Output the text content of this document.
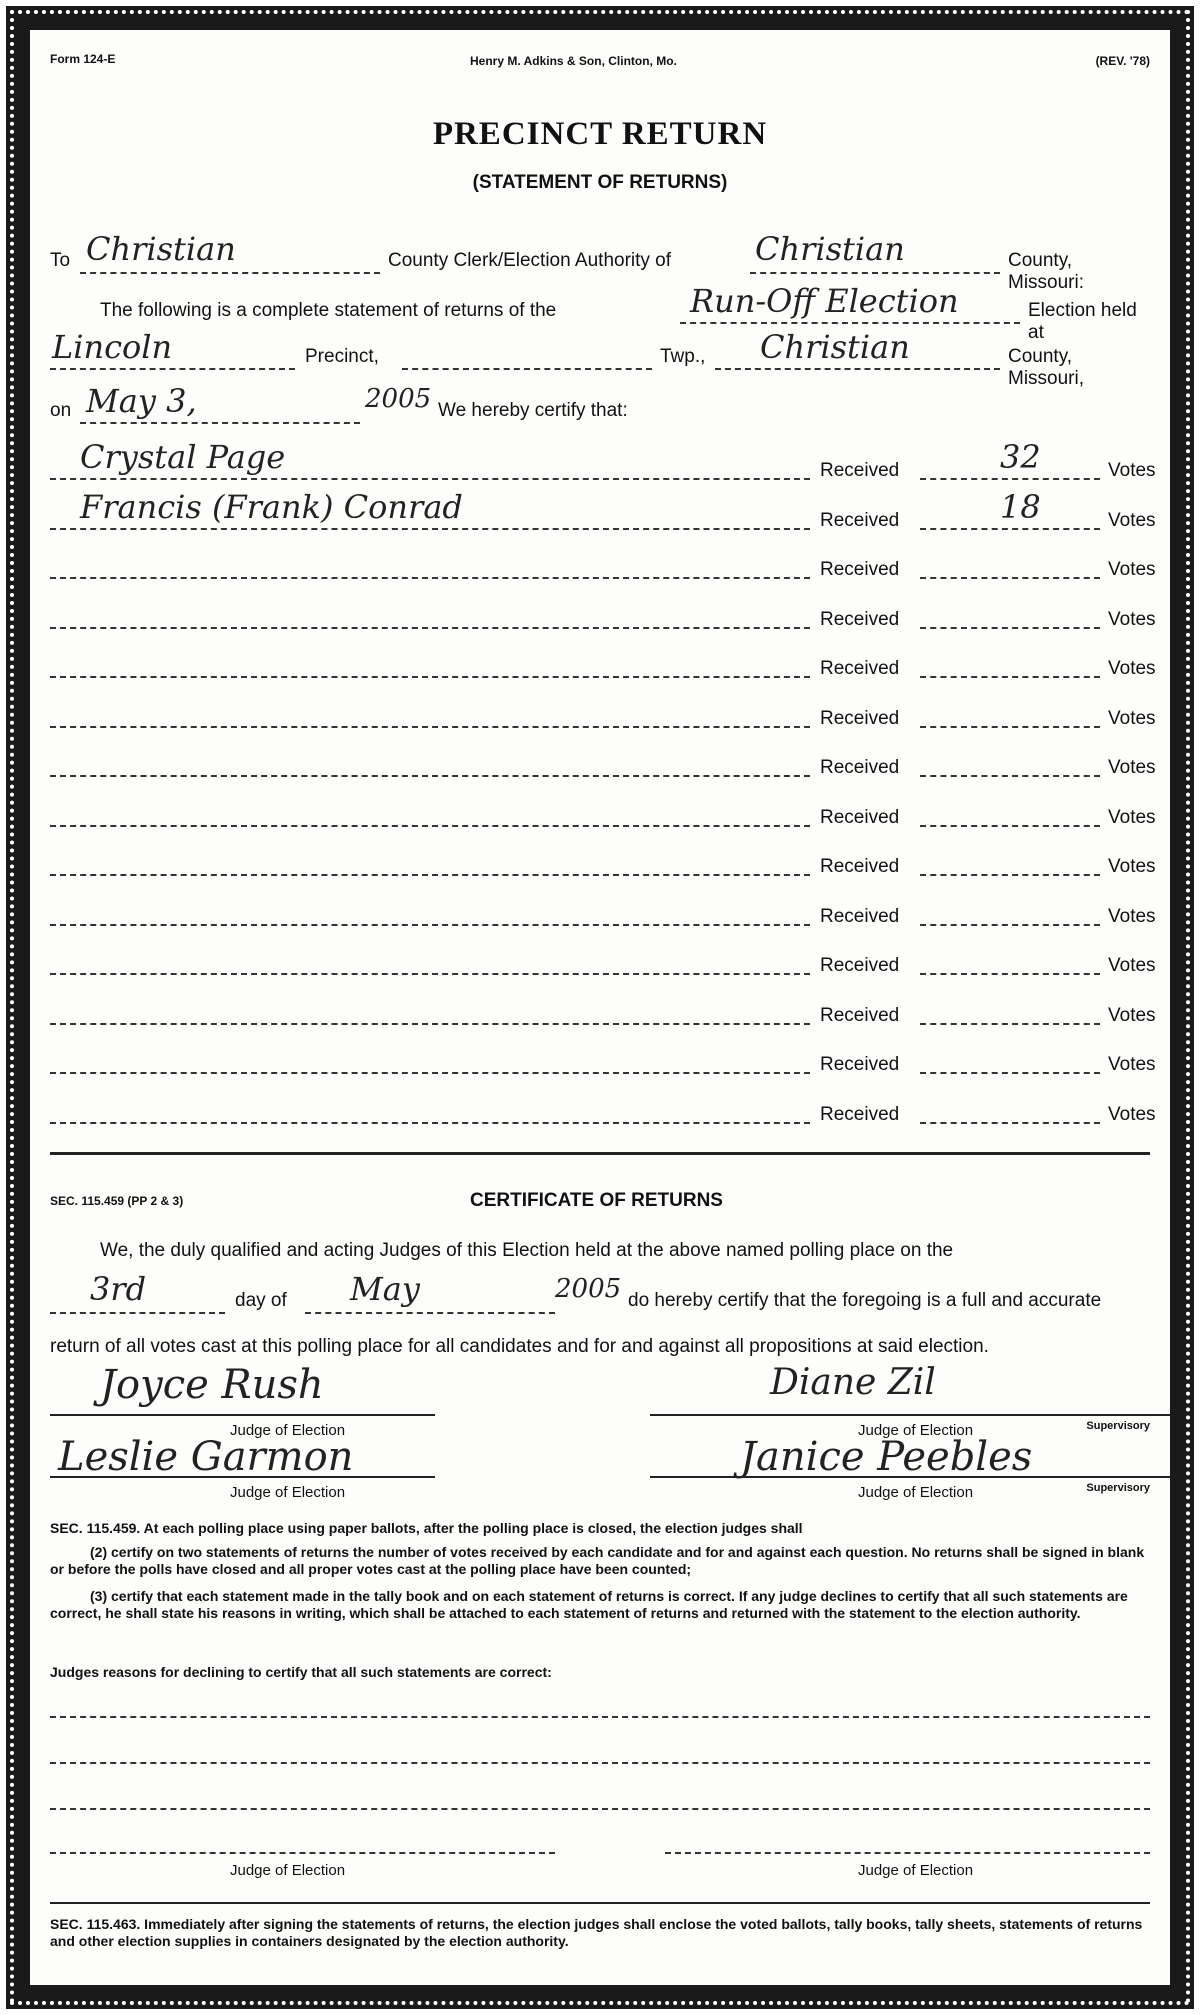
Form 124-E	Henry M. Adkins & Son, Clinton, Mo.	(REV. '78)
PRECINCT RETURN
(STATEMENT OF RETURNS)
To Christian	County Clerk/Election Authority of	Christian	County, Missouri:
The following is a complete statement of returns of the	Run-Off Election	Election held at
Lincoln	Precinct,	Twp., Christian	County, Missouri,
on May 3,	2005 We hereby certify that:
Crystal Page	Received	32	Votes
Francis (Frank) Conrad	Received	18	Votes
Received	Votes
Received	Votes
Received	Votes
Received	Votes
Received	Votes
Received	Votes
Received	Votes
Received	Votes
Received	Votes
Received	Votes
Received	Votes
Received	Votes
SEC. 115.459 (PP 2 & 3)	CERTIFICATE OF RETURNS
We, the duly qualified and acting Judges of this Election held at the above named polling place on the
3rd	day of May	2005 do hereby certify that the foregoing is a full and accurate
return of all votes cast at this polling place for all candidates and for and against all propositions at said election.
Joyce Rush	Diane Zil
Leslie Garmon	Janice Peebles
Judge of Election	Judge of Election	Supervisory
Judge of Election	Judge of Election	Supervisory
SEC. 115.459. At each polling place using paper ballots, after the polling place is closed, the election judges shall
(2) certify on two statements of returns the number of votes received by each candidate and for and against each question. No returns shall be signed in blank or before the polls have closed and all proper votes cast at the polling place have been counted;
(3) certify that each statement made in the tally book and on each statement of returns is correct. If any judge declines to certify that all such statements are correct, he shall state his reasons in writing, which shall be attached to each statement of returns and returned with the statement to the election authority.
Judges reasons for declining to certify that all such statements are correct:
Judge of Election	Judge of Election
SEC. 115.463. Immediately after signing the statements of returns, the election judges shall enclose the voted ballots, tally books, tally sheets, statements of returns and other election supplies in containers designated by the election authority.
